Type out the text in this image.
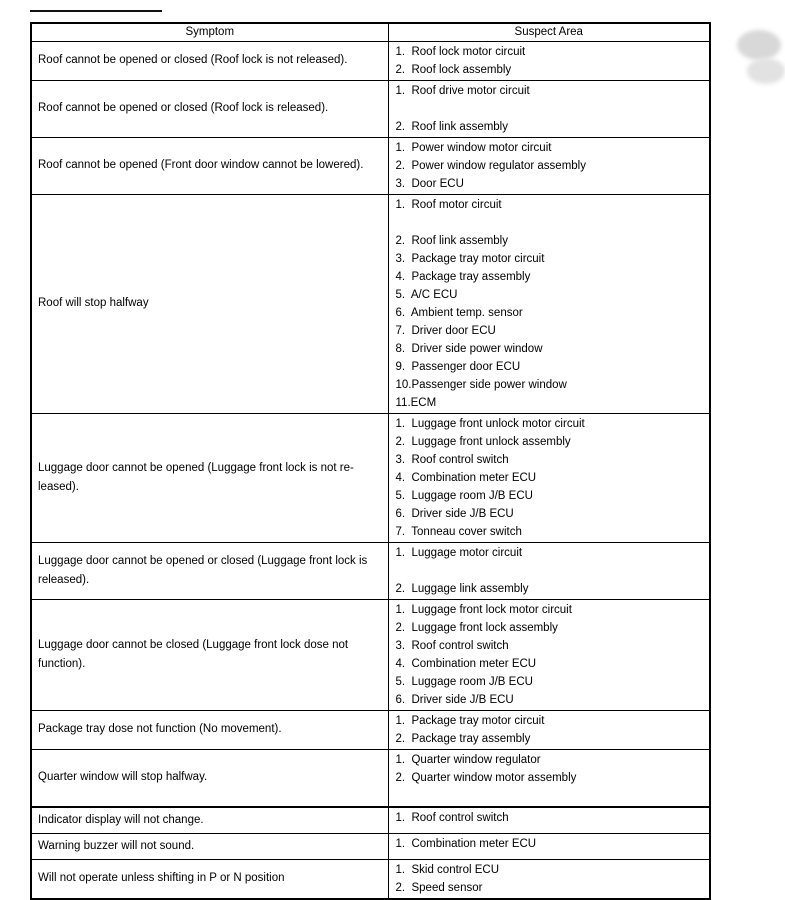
Symptom	Suspect Area
Roof cannot be opened or closed (Roof lock is not released).	1.  Roof lock motor circuit
2.  Roof lock assembly

Roof cannot be opened or closed (Roof lock is released).	1.  Roof drive motor circuit
2.  Roof link assembly

Roof cannot be opened (Front door window cannot be lowered).	1.  Power window motor circuit
2.  Power window regulator assembly
3.  Door ECU

Roof will stop halfway	
1.  Roof motor circuit
2.  Roof link assembly
3.  Package tray motor circuit
4.  Package tray assembly
5.  A/C ECU
6.  Ambient temp. sensor
7.  Driver door ECU
8.  Driver side power window
9.  Passenger door ECU
10.Passenger side power window
11.ECM

Luggage door cannot be opened (Luggage front lock is not re-leased).	
1.  Luggage front unlock motor circuit
2.  Luggage front unlock assembly
3.  Roof control switch
4.  Combination meter ECU
5.  Luggage room J/B ECU
6.  Driver side J/B ECU
7.  Tonneau cover switch

Luggage door cannot be opened or closed (Luggage front lock is released).	1.  Luggage motor circuit
2.  Luggage link assembly

Luggage door cannot be closed (Luggage front lock dose not function).	
1.  Luggage front lock motor circuit
2.  Luggage front lock assembly
3.  Roof control switch
4.  Combination meter ECU
5.  Luggage room J/B ECU
6.  Driver side J/B ECU

Package tray dose not function (No movement).	1.  Package tray motor circuit
2.  Package tray assembly

Quarter window will stop halfway.	1.  Quarter window regulator
2.  Quarter window motor assembly

Indicator display will not change.	1.  Roof control switch

Warning buzzer will not sound.	1.  Combination meter ECU

Will not operate unless shifting in P or N position	1.  Skid control ECU
2.  Speed sensor
